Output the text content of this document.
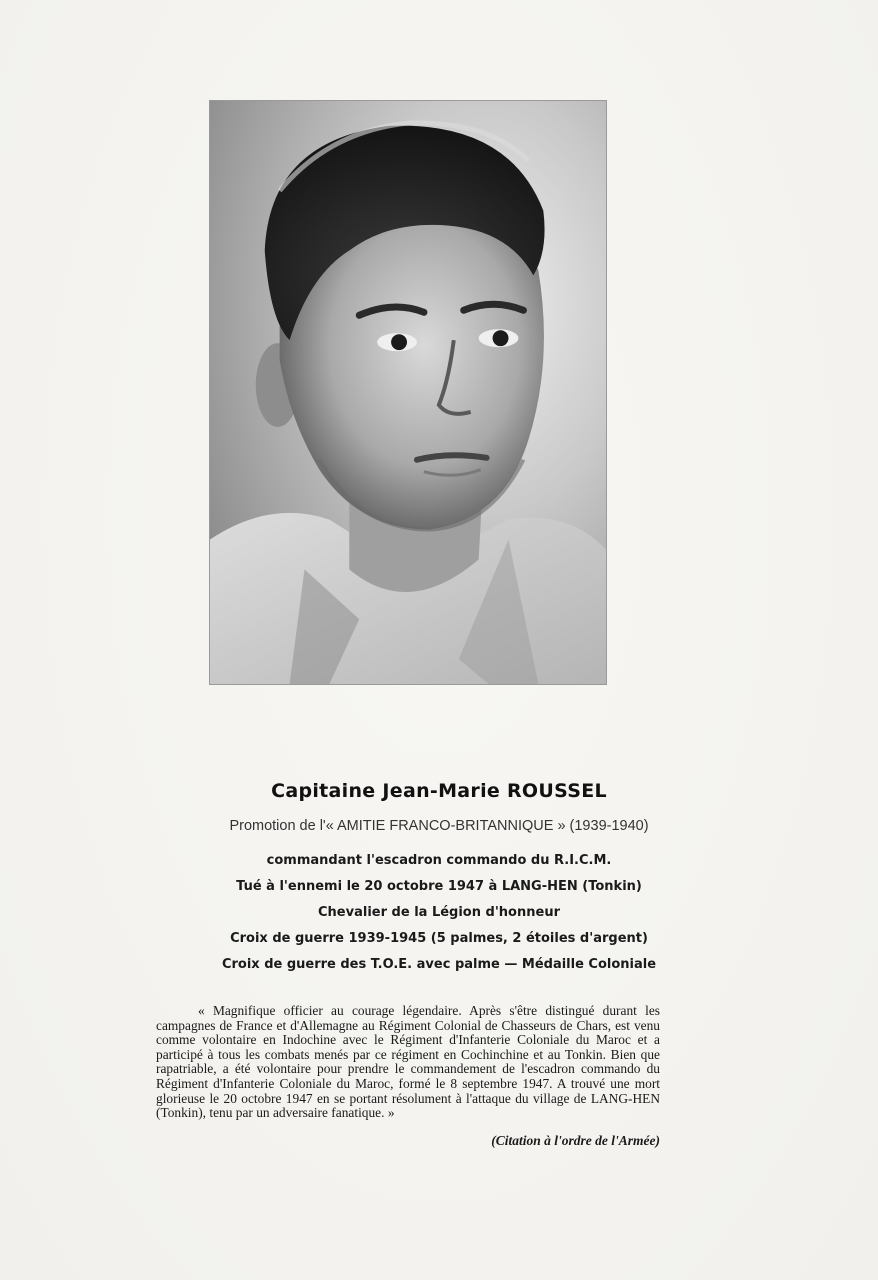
Capitaine Jean-Marie ROUSSEL
Promotion de l'« AMITIE FRANCO-BRITANNIQUE » (1939-1940)
commandant l'escadron commando du R.I.C.M.
Tué à l'ennemi le 20 octobre 1947 à LANG-HEN (Tonkin)
Chevalier de la Légion d'honneur
Croix de guerre 1939-1945 (5 palmes, 2 étoiles d'argent)
Croix de guerre des T.O.E. avec palme — Médaille Coloniale

« Magnifique officier au courage légendaire. Après s'être distingué durant les campagnes de France et d'Allemagne au Régiment Colonial de Chasseurs de Chars, est venu comme volontaire en Indochine avec le Régiment d'Infanterie Coloniale du Maroc et a participé à tous les combats menés par ce régiment en Cochinchine et au Tonkin. Bien que rapatriable, a été volontaire pour prendre le commandement de l'escadron commando du Régiment d'Infanterie Coloniale du Maroc, formé le 8 septembre 1947. A trouvé une mort glorieuse le 20 octobre 1947 en se portant résolument à l'attaque du village de LANG-HEN (Tonkin), tenu par un adversaire fanatique. »

(Citation à l'ordre de l'Armée)
